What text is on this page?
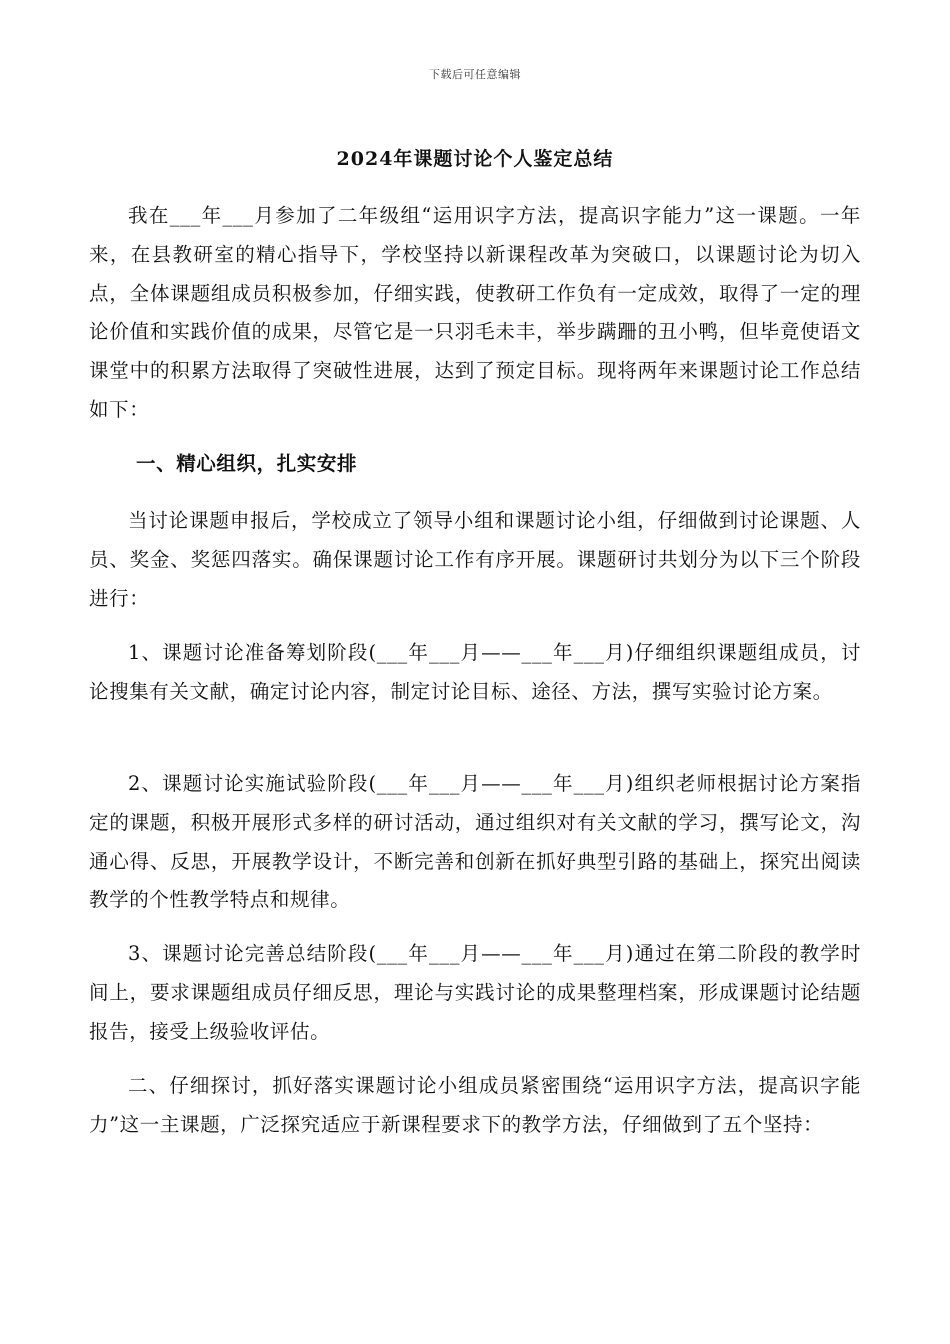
下载后可任意编辑
2024年课题讨论个人鉴定总结

我在___年___月参加了二年级组“运用识字方法，提高识字能力”这一课题。一年来，在县教研室的精心指导下，学校坚持以新课程改革为突破口，以课题讨论为切入点，全体课题组成员积极参加，仔细实践，使教研工作负有一定成效，取得了一定的理论价值和实践价值的成果，尽管它是一只羽毛未丰，举步蹒跚的丑小鸭，但毕竟使语文课堂中的积累方法取得了突破性进展，达到了预定目标。现将两年来课题讨论工作总结如下：

一、精心组织，扎实安排

当讨论课题申报后，学校成立了领导小组和课题讨论小组，仔细做到讨论课题、人员、奖金、奖惩四落实。确保课题讨论工作有序开展。课题研讨共划分为以下三个阶段进行：

1、课题讨论准备筹划阶段(___年___月——___年___月)仔细组织课题组成员，讨论搜集有关文献，确定讨论内容，制定讨论目标、途径、方法，撰写实验讨论方案。

2、课题讨论实施试验阶段(___年___月——___年___月)组织老师根据讨论方案指定的课题，积极开展形式多样的研讨活动，通过组织对有关文献的学习，撰写论文，沟通心得、反思，开展教学设计，不断完善和创新在抓好典型引路的基础上，探究出阅读教学的个性教学特点和规律。

3、课题讨论完善总结阶段(___年___月——___年___月)通过在第二阶段的教学时间上，要求课题组成员仔细反思，理论与实践讨论的成果整理档案，形成课题讨论结题报告，接受上级验收评估。

二、仔细探讨，抓好落实课题讨论小组成员紧密围绕“运用识字方法，提高识字能力”这一主课题，广泛探究适应于新课程要求下的教学方法，仔细做到了五个坚持：
